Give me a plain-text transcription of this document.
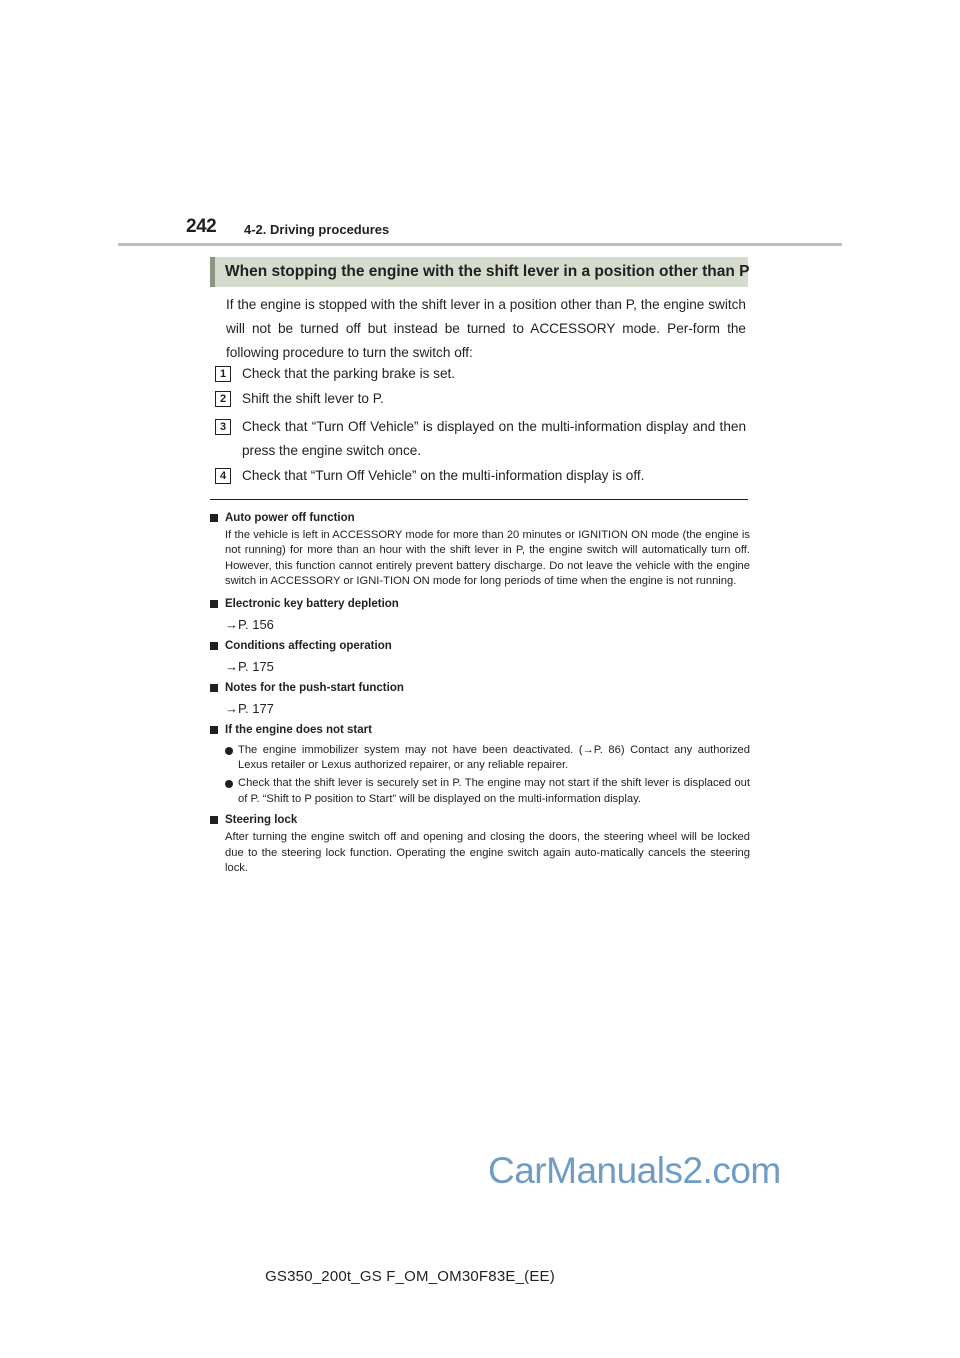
242 4-2. Driving procedures
When stopping the engine with the shift lever in a position other than P
If the engine is stopped with the shift lever in a position other than P, the engine switch will not be turned off but instead be turned to ACCESSORY mode. Per-form the following procedure to turn the switch off:
1	Check that the parking brake is set.
2	Shift the shift lever to P.
3	Check that “Turn Off Vehicle” is displayed on the multi-information display and then press the engine switch once.
4	Check that “Turn Off Vehicle” on the multi-information display is off.
Auto power off function
If the vehicle is left in ACCESSORY mode for more than 20 minutes or IGNITION ON mode (the engine is not running) for more than an hour with the shift lever in P, the engine switch will automatically turn off. However, this function cannot entirely prevent battery discharge. Do not leave the vehicle with the engine switch in ACCESSORY or IGNI-TION ON mode for long periods of time when the engine is not running.
Electronic key battery depletion
→P. 156
Conditions affecting operation
→P. 175
Notes for the push-start function
→P. 177
If the engine does not start
The engine immobilizer system may not have been deactivated. (→P. 86) Contact any authorized Lexus retailer or Lexus authorized repairer, or any reliable repairer.
Check that the shift lever is securely set in P. The engine may not start if the shift lever is displaced out of P. “Shift to P position to Start” will be displayed on the multi-information display.
Steering lock
After turning the engine switch off and opening and closing the doors, the steering wheel will be locked due to the steering lock function. Operating the engine switch again auto-matically cancels the steering lock.
CarManuals2.com
GS350_200t_GS F_OM_OM30F83E_(EE)
